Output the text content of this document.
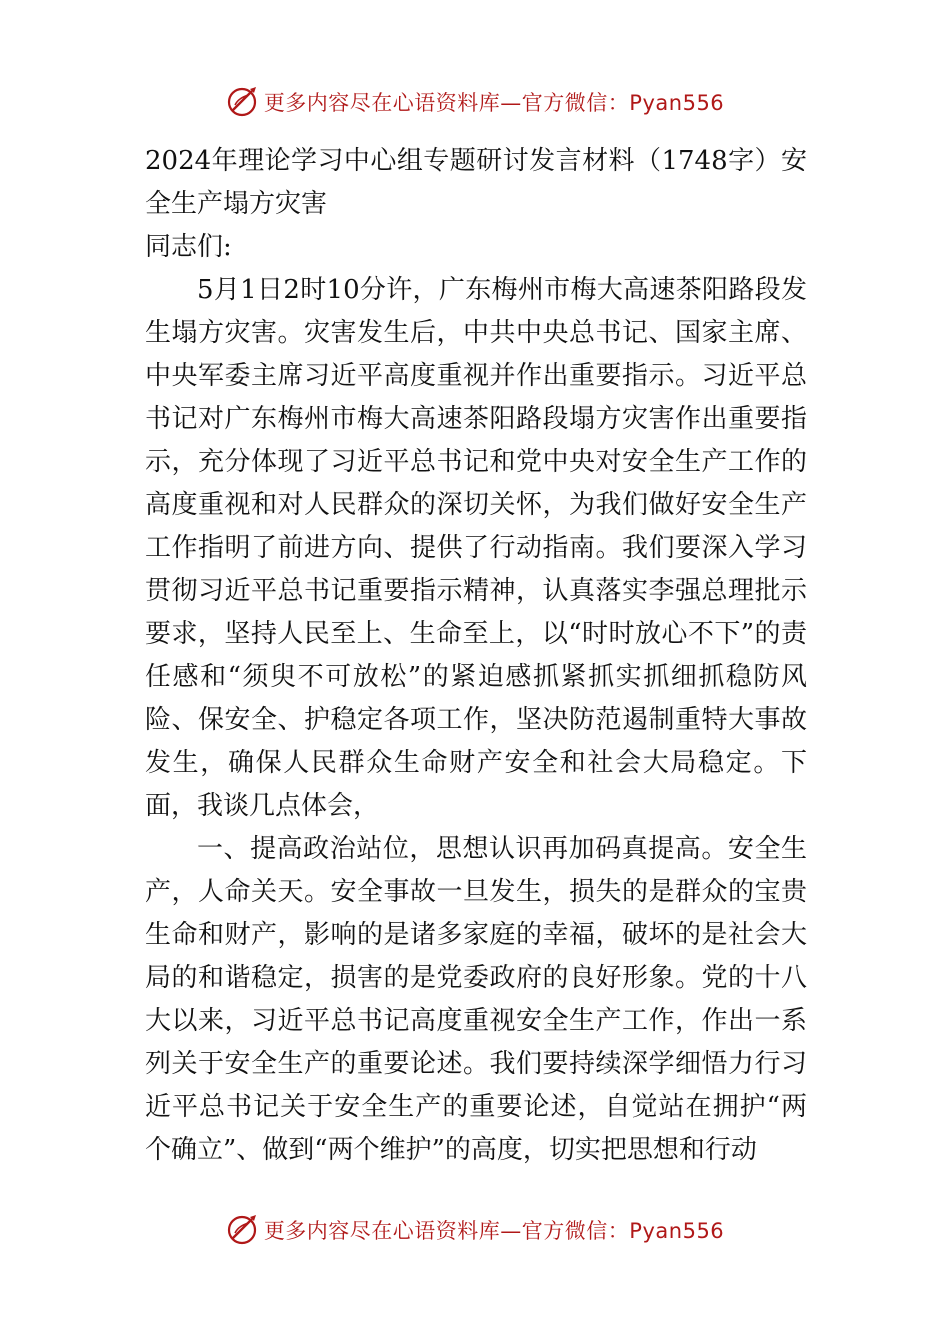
更多内容尽在心语资料库—官方微信：Pyan556

2024年理论学习中心组专题研讨发言材料（1748字）安全生产塌方灾害

同志们:

5月1日2时10分许，广东梅州市梅大高速茶阳路段发生塌方灾害。灾害发生后，中共中央总书记、国家主席、中央军委主席习近平高度重视并作出重要指示。习近平总书记对广东梅州市梅大高速茶阳路段塌方灾害作出重要指示，充分体现了习近平总书记和党中央对安全生产工作的高度重视和对人民群众的深切关怀，为我们做好安全生产工作指明了前进方向、提供了行动指南。我们要深入学习贯彻习近平总书记重要指示精神，认真落实李强总理批示要求，坚持人民至上、生命至上，以“时时放心不下”的责任感和“须臾不可放松”的紧迫感抓紧抓实抓细抓稳防风险、保安全、护稳定各项工作，坚决防范遏制重特大事故发生，确保人民群众生命财产安全和社会大局稳定。下面，我谈几点体会，

一、提高政治站位，思想认识再加码真提高。安全生产，人命关天。安全事故一旦发生，损失的是群众的宝贵生命和财产，影响的是诸多家庭的幸福，破坏的是社会大局的和谐稳定，损害的是党委政府的良好形象。党的十八大以来，习近平总书记高度重视安全生产工作，作出一系列关于安全生产的重要论述。我们要持续深学细悟力行习近平总书记关于安全生产的重要论述，自觉站在拥护“两个确立”、做到“两个维护”的高度，切实把思想和行动

更多内容尽在心语资料库—官方微信：Pyan556
